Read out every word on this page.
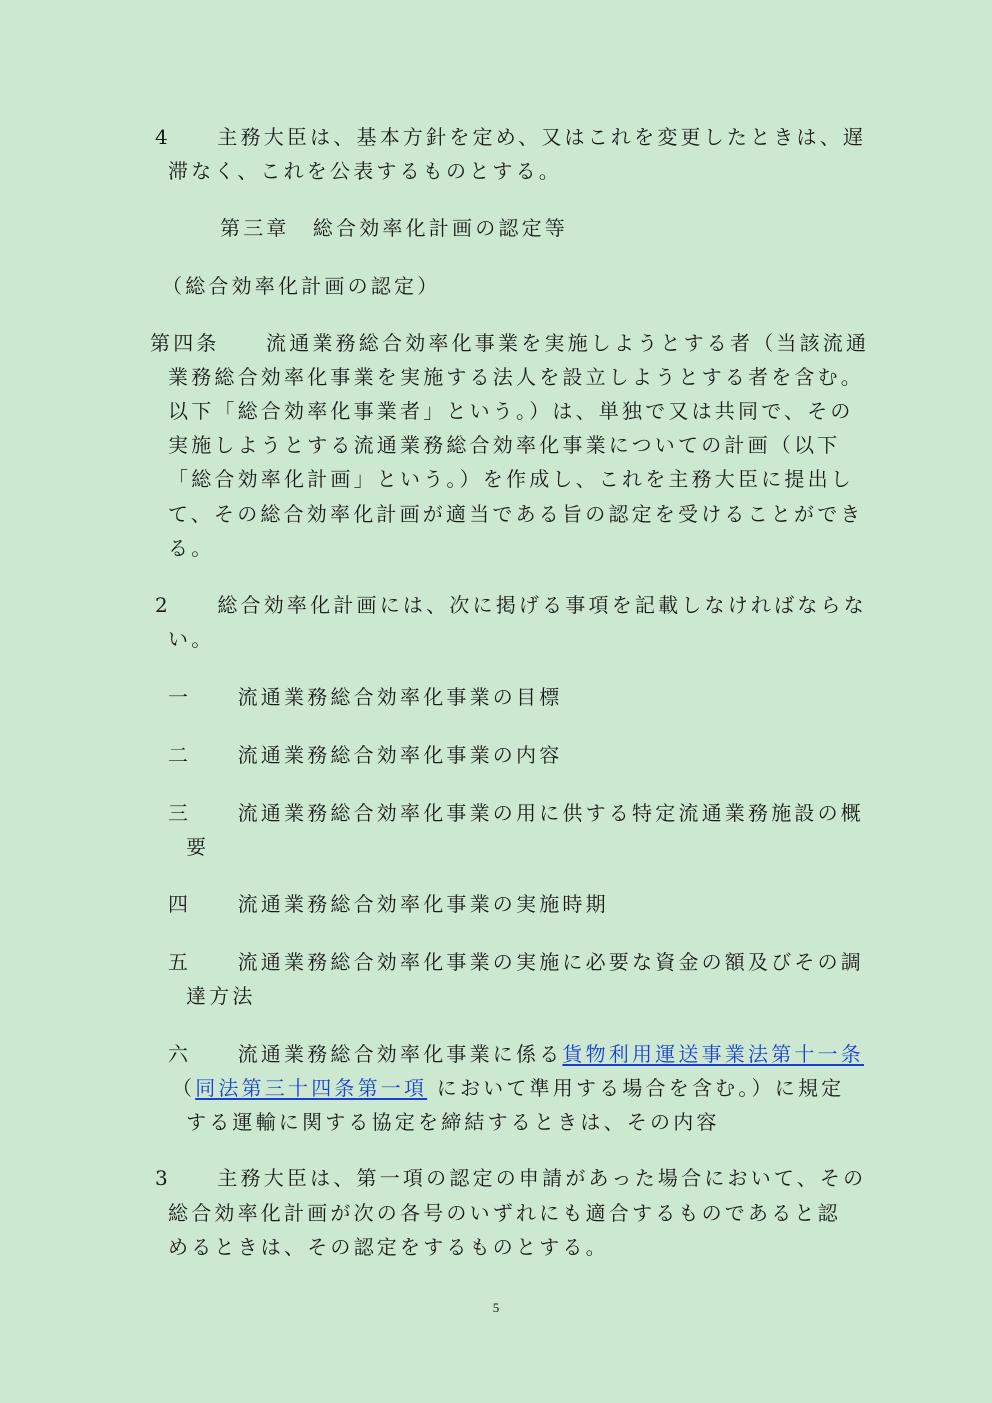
4　　主務大臣は、基本方針を定め、又はこれを変更したときは、遅
滞なく、これを公表するものとする。
第三章　総合効率化計画の認定等
（総合効率化計画の認定）
第四条　　流通業務総合効率化事業を実施しようとする者（当該流通
業務総合効率化事業を実施する法人を設立しようとする者を含む。
以下「総合効率化事業者」という。）は、単独で又は共同で、その
実施しようとする流通業務総合効率化事業についての計画（以下
「総合効率化計画」という。）を作成し、これを主務大臣に提出し
て、その総合効率化計画が適当である旨の認定を受けることができ
る。
2　　総合効率化計画には、次に掲げる事項を記載しなければならな
い。
一　　流通業務総合効率化事業の目標
二　　流通業務総合効率化事業の内容
三　　流通業務総合効率化事業の用に供する特定流通業務施設の概
要
四　　流通業務総合効率化事業の実施時期
五　　流通業務総合効率化事業の実施に必要な資金の額及びその調
達方法
六　　流通業務総合効率化事業に係る貨物利用運送事業法第十一条
（同法第三十四条第一項 において準用する場合を含む。）に規定
する運輸に関する協定を締結するときは、その内容
3　　主務大臣は、第一項の認定の申請があった場合において、その
総合効率化計画が次の各号のいずれにも適合するものであると認
めるときは、その認定をするものとする。
5
